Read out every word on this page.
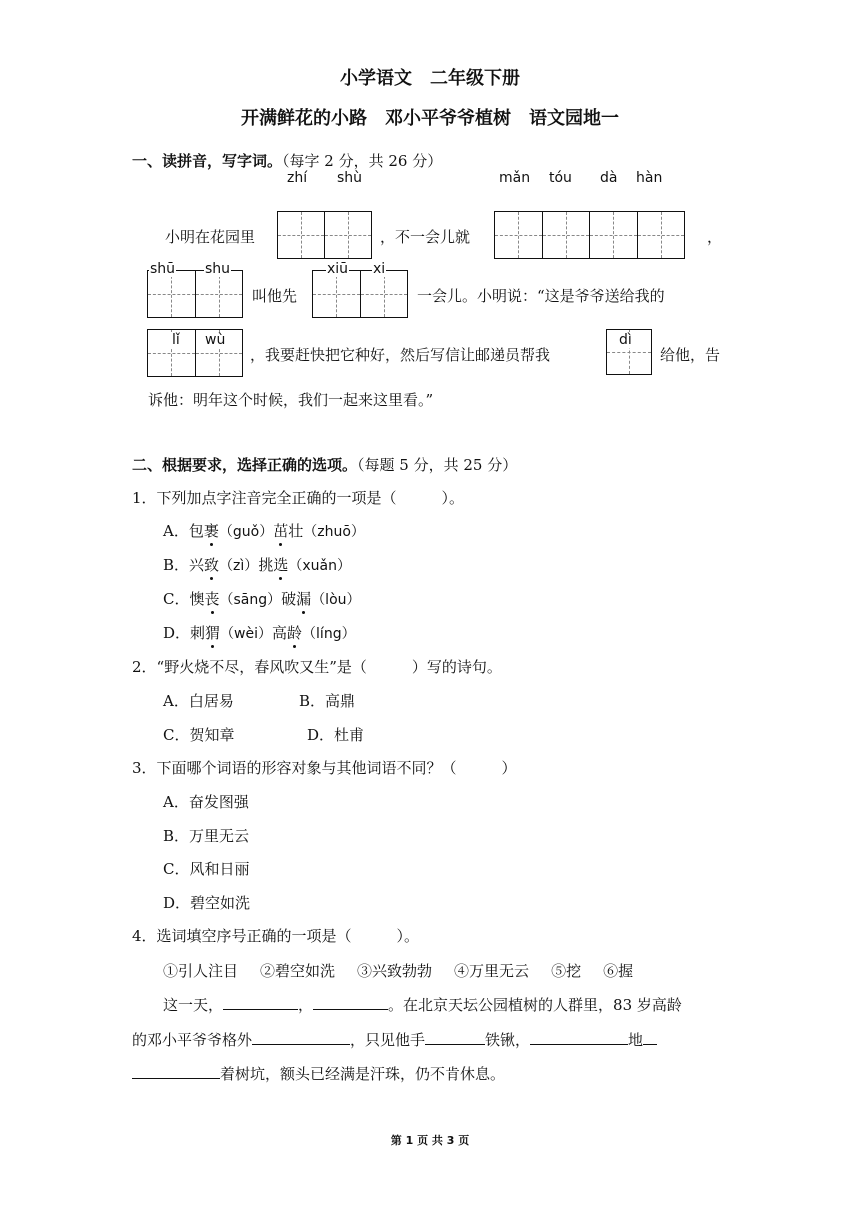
小学语文　二年级下册
开满鲜花的小路　邓小平爷爷植树　语文园地一
一、读拼音，写字词。（每字 2 分，共 26 分）
zhí shù	mǎn tóu dà hàn
小明在花园里	，不一会儿就	，
shū shu
叫他先
xiū xi
一会儿。小明说：“这是爷爷送给我的
lǐ wù
，我要赶快把它种好，然后写信让邮递员帮我
dì
给他，告
诉他：明年这个时候，我们一起来这里看。”
二、根据要求，选择正确的选项。（每题 5 分，共 25 分）
1．下列加点字注音完全正确的一项是（　　　）。
A．包裹（guǒ）茁壮（zhuō）
B．兴致（zì）挑选（xuǎn）
C．懊丧（sāng）破漏（lòu）
D．刺猬（wèi）高龄（líng）
2．“野火烧不尽，春风吹又生”是（　　　）写的诗句。
A．白居易	B．高鼎
C．贺知章	D．杜甫
3．下面哪个词语的形容对象与其他词语不同？（　　　）
A．奋发图强
B．万里无云
C．风和日丽
D．碧空如洗
4．选词填空序号正确的一项是（　　　）。
①引人注目 ②碧空如洗 ③兴致勃勃 ④万里无云 ⑤挖 ⑥握
这一天，	，	。在北京天坛公园植树的人群里，83 岁高龄
的邓小平爷爷格外	，只见他手	铁锹，	地
着树坑，额头已经满是汗珠，仍不肯休息。
第 1 页 共 3 页
